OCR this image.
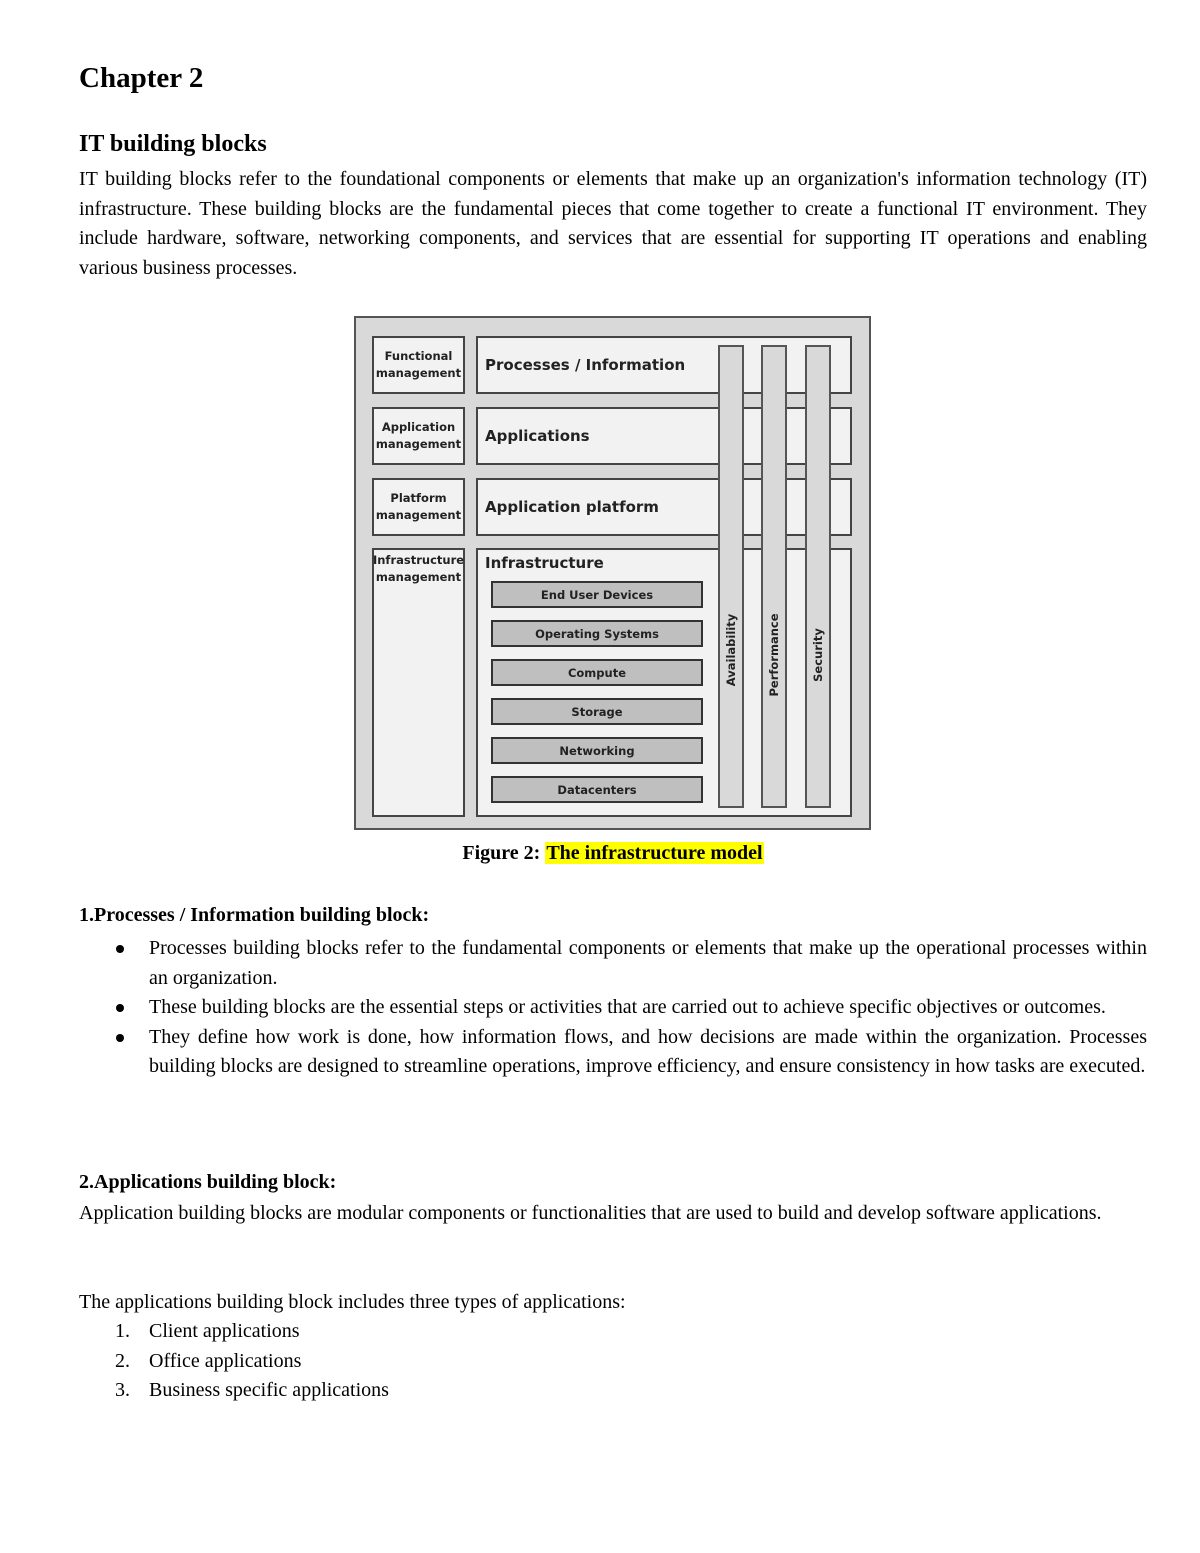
Chapter 2
IT building blocks

IT building blocks refer to the foundational components or elements that make up an organization's information technology (IT) infrastructure. These building blocks are the fundamental pieces that come together to create a functional IT environment. They include hardware, software, networking components, and services that are essential for supporting IT operations and enabling various business processes.

Functional management
Application management
Platform management
Infrastructure management
Processes / Information
Applications
Application platform
Infrastructure
End User Devices
Operating Systems
Compute
Storage
Networking
Datacenters
Availability	Performance	Security
Figure 2: The infrastructure model
1.Processes / Information building block:
Processes building blocks refer to the fundamental components or elements that make up the operational processes within an organization.
These building blocks are the essential steps or activities that are carried out to achieve specific objectives or outcomes.
They define how work is done, how information flows, and how decisions are made within the organization. Processes building blocks are designed to streamline operations, improve efficiency, and ensure consistency in how tasks are executed.
2.Applications building block:

Application building blocks are modular components or functionalities that are used to build and develop software applications.

The applications building block includes three types of applications:

1. Client applications
2. Office applications
3. Business specific applications
